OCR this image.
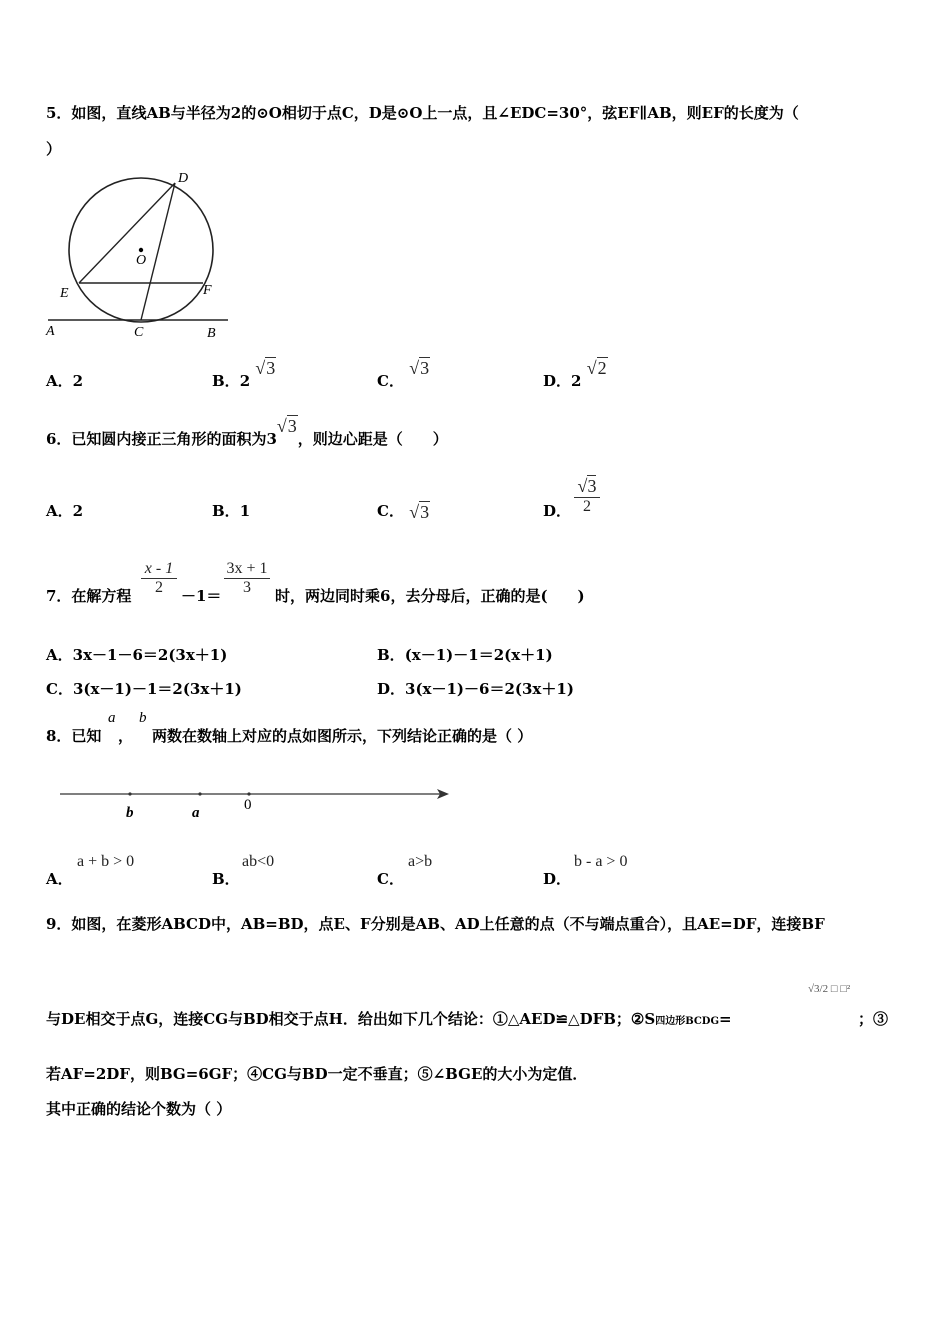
5．如图，直线AB与半径为2的⊙O相切于点C，D是⊙O上一点，且∠EDC=30°，弦EF∥AB，则EF的长度为（
）
D
O
E	F
A	C	B
A．2	B．2 √3
C． √3
D．2 √2
6．已知圆内接正三角形的面积为3√3，则边心距是（　　）
A．2	B．1	C． √3	D． $\frac{√3}{2}$
7．在解方程 $\frac{x - 1}{2} -1= \frac{3x + 1}{3}$ 时，两边同时乘6，去分母后，正确的是(　　)
A．3x－1－6＝2(3x＋1)	B．(x－1)－1＝2(x＋1)
C．3(x－1)－1＝2(3x＋1)	D．3(x－1)－6＝2(3x＋1)
8．已知
a
，
b
两数在数轴上对应的点如图所示，下列结论正确的是（ ）
b	a	0
A．
a + b > 0
B．
ab<0
C．
a>b
D．
b - a > 0
9．如图，在菱形ABCD中，AB=BD，点E、F分别是AB、AD上任意的点（不与端点重合），且AE=DF，连接BF
与DE相交于点G，连接CG与BD相交于点H．给出如下几个结论：①△AED≌△DFB；②S四边形BCDG=
√3/2 □ □²
；③
若AF=2DF，则BG=6GF；④CG与BD一定不垂直；⑤∠BGE的大小为定值．
其中正确的结论个数为（ ）
